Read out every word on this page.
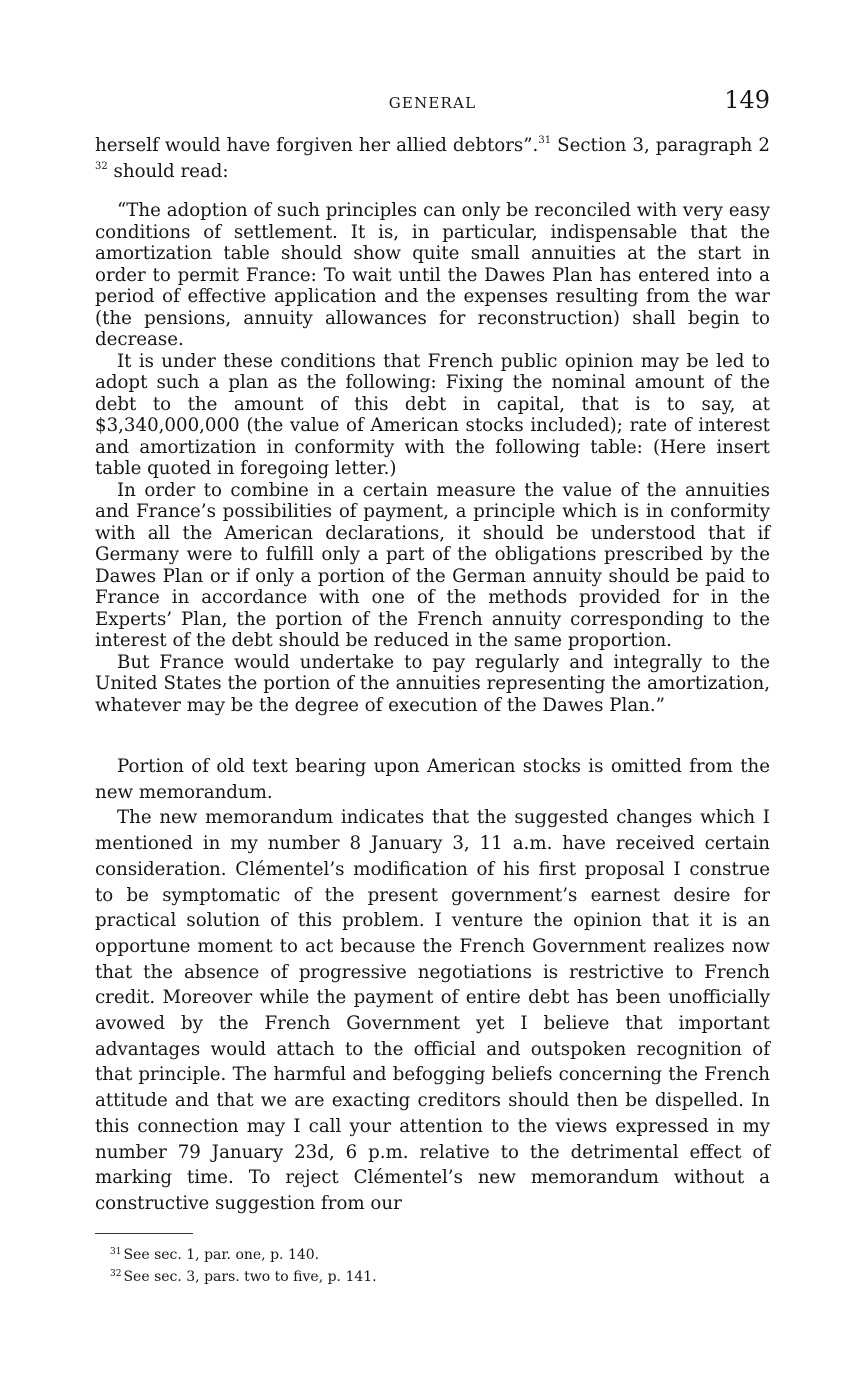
GENERAL	149

herself would have forgiven her allied debtors”.$^{31}$ Section 3, paragraph 2 $^{32}$ should read:

“The adoption of such principles can only be reconciled with very easy conditions of settlement. It is, in particular, indispensable that the amortization table should show quite small annuities at the start in order to permit France: To wait until the Dawes Plan has entered into a period of effective application and the expenses resulting from the war (the pensions, annuity allowances for reconstruction) shall begin to decrease.

It is under these conditions that French public opinion may be led to adopt such a plan as the following: Fixing the nominal amount of the debt to the amount of this debt in capital, that is to say, at $3,340,000,000 (the value of American stocks included); rate of interest and amortization in conformity with the following table: (Here insert table quoted in foregoing letter.)

In order to combine in a certain measure the value of the annuities and France’s possibilities of payment, a principle which is in conformity with all the American declarations, it should be understood that if Germany were to fulfill only a part of the obligations prescribed by the Dawes Plan or if only a portion of the German annuity should be paid to France in accordance with one of the methods provided for in the Experts’ Plan, the portion of the French annuity corresponding to the interest of the debt should be reduced in the same proportion.

But France would undertake to pay regularly and integrally to the United States the portion of the annuities representing the amortization, whatever may be the degree of execution of the Dawes Plan.”

Portion of old text bearing upon American stocks is omitted from the new memorandum.

The new memorandum indicates that the suggested changes which I mentioned in my number 8 January 3, 11 a.m. have received certain consideration. Clémentel’s modification of his first proposal I construe to be symptomatic of the present government’s earnest desire for practical solution of this problem. I venture the opinion that it is an opportune moment to act because the French Government realizes now that the absence of progressive negotiations is restrictive to French credit. Moreover while the payment of entire debt has been unofficially avowed by the French Government yet I believe that important advantages would attach to the official and outspoken recognition of that principle. The harmful and befogging beliefs concerning the French attitude and that we are exacting creditors should then be dispelled. In this connection may I call your attention to the views expressed in my number 79 January 23d, 6 p.m. relative to the detrimental effect of marking time. To reject Clémentel’s new memorandum without a constructive suggestion from our

$^{31}$ See sec. 1, par. one, p. 140.

$^{32}$ See sec. 3, pars. two to five, p. 141.
